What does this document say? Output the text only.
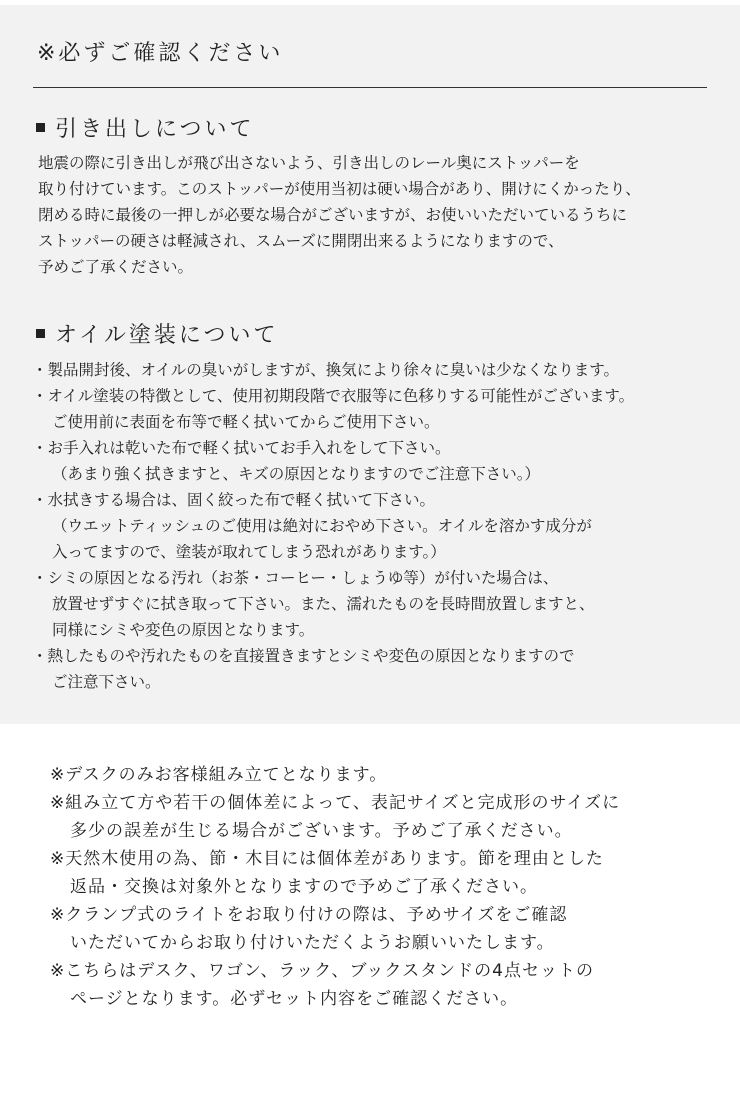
※必ずご確認ください
引き出しについて
地震の際に引き出しが飛び出さないよう、引き出しのレール奥にストッパーを
取り付けています。このストッパーが使用当初は硬い場合があり、開けにくかったり、
閉める時に最後の一押しが必要な場合がございますが、お使いいただいているうちに
ストッパーの硬さは軽減され、スムーズに開閉出来るようになりますので、
予めご了承ください。
オイル塗装について
・製品開封後、オイルの臭いがしますが、換気により徐々に臭いは少なくなります。
・オイル塗装の特徴として、使用初期段階で衣服等に色移りする可能性がございます。
ご使用前に表面を布等で軽く拭いてからご使用下さい。
・お手入れは乾いた布で軽く拭いてお手入れをして下さい。
（あまり強く拭きますと、キズの原因となりますのでご注意下さい。）
・水拭きする場合は、固く絞った布で軽く拭いて下さい。
（ウエットティッシュのご使用は絶対におやめ下さい。オイルを溶かす成分が
入ってますので、塗装が取れてしまう恐れがあります。）
・シミの原因となる汚れ（お茶・コーヒー・しょうゆ等）が付いた場合は、
放置せずすぐに拭き取って下さい。また、濡れたものを長時間放置しますと、
同様にシミや変色の原因となります。
・熱したものや汚れたものを直接置きますとシミや変色の原因となりますので
ご注意下さい。
※デスクのみお客様組み立てとなります。
※組み立て方や若干の個体差によって、表記サイズと完成形のサイズに
多少の誤差が生じる場合がございます。予めご了承ください。
※天然木使用の為、節・木目には個体差があります。節を理由とした
返品・交換は対象外となりますので予めご了承ください。
※クランプ式のライトをお取り付けの際は、予めサイズをご確認
いただいてからお取り付けいただくようお願いいたします。
※こちらはデスク、ワゴン、ラック、ブックスタンドの4点セットの
ページとなります。必ずセット内容をご確認ください。
